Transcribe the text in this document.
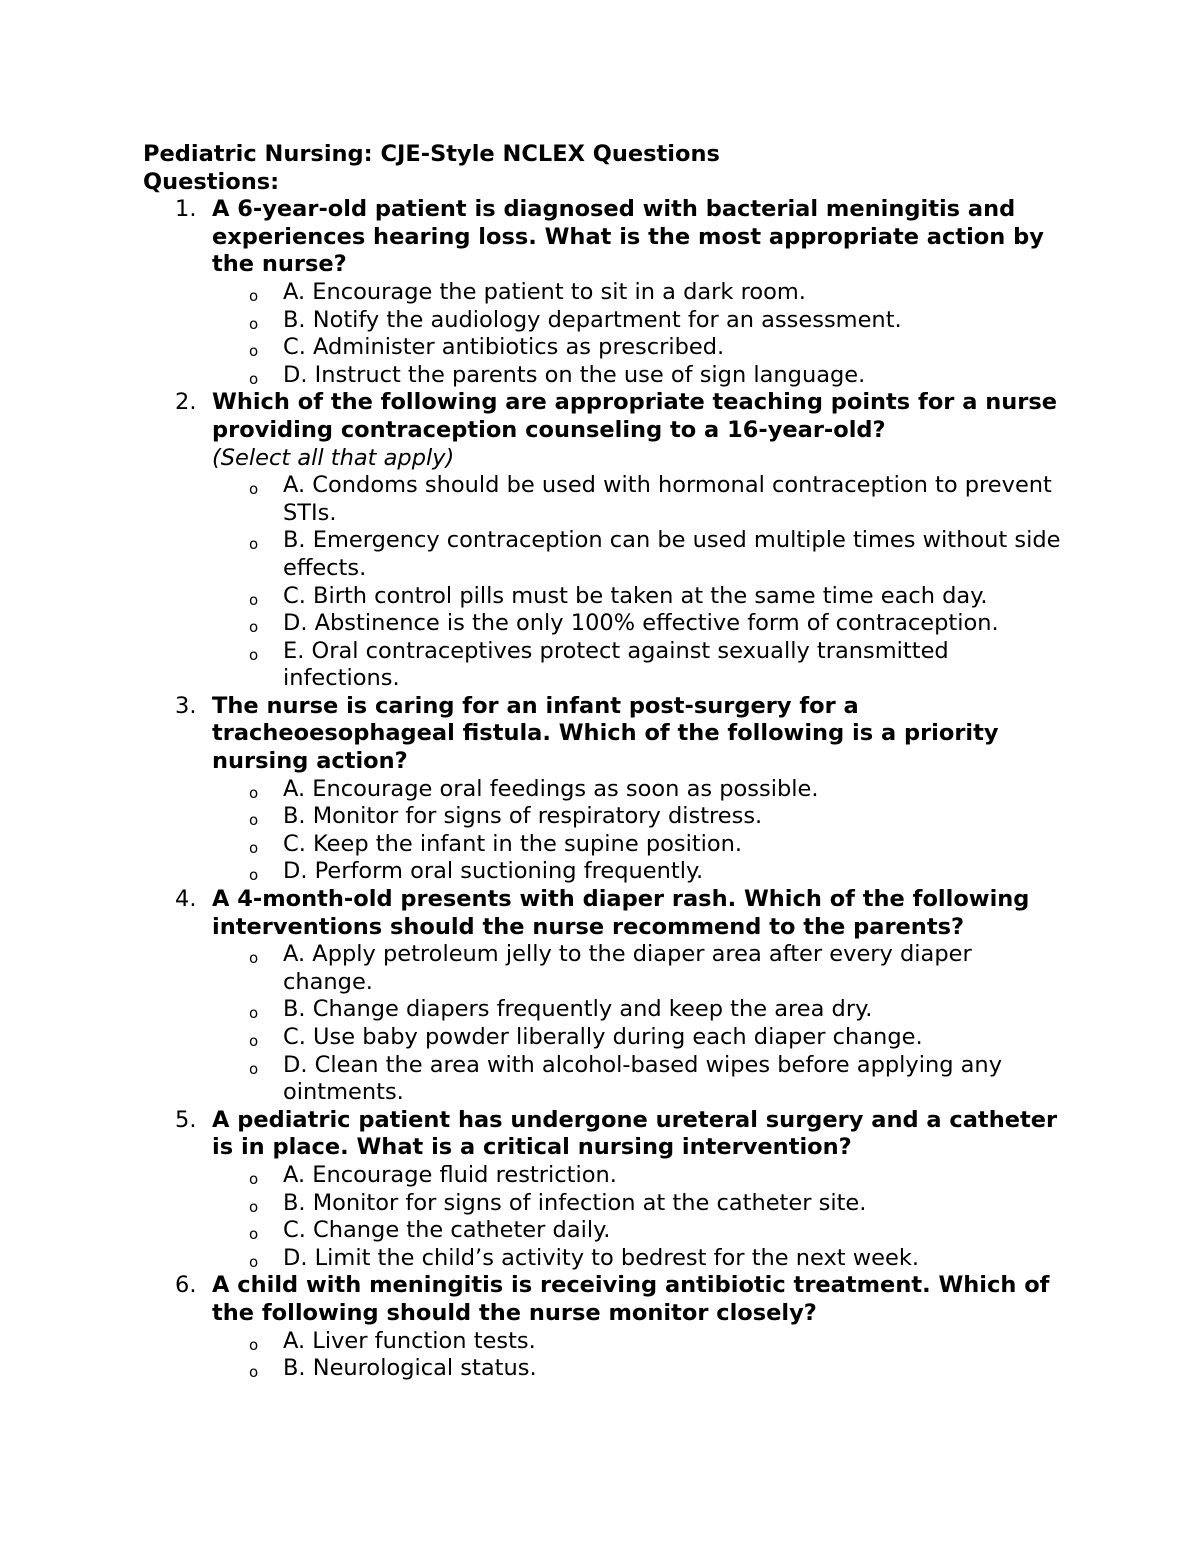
Pediatric Nursing: CJE-Style NCLEX Questions
Questions:
1. A 6-year-old patient is diagnosed with bacterial meningitis and experiences hearing loss. What is the most appropriate action by the nurse?
o A. Encourage the patient to sit in a dark room.
o B. Notify the audiology department for an assessment.
o C. Administer antibiotics as prescribed.
o D. Instruct the parents on the use of sign language.
2. Which of the following are appropriate teaching points for a nurse providing contraception counseling to a 16-year-old?
(Select all that apply)
o A. Condoms should be used with hormonal contraception to prevent STIs.
o B. Emergency contraception can be used multiple times without side effects.
o C. Birth control pills must be taken at the same time each day.
o D. Abstinence is the only 100% effective form of contraception.
o E. Oral contraceptives protect against sexually transmitted infections.
3. The nurse is caring for an infant post-surgery for a tracheoesophageal fistula. Which of the following is a priority nursing action?
o A. Encourage oral feedings as soon as possible.
o B. Monitor for signs of respiratory distress.
o C. Keep the infant in the supine position.
o D. Perform oral suctioning frequently.
4. A 4-month-old presents with diaper rash. Which of the following interventions should the nurse recommend to the parents?
o A. Apply petroleum jelly to the diaper area after every diaper change.
o B. Change diapers frequently and keep the area dry.
o C. Use baby powder liberally during each diaper change.
o D. Clean the area with alcohol-based wipes before applying any ointments.
5. A pediatric patient has undergone ureteral surgery and a catheter is in place. What is a critical nursing intervention?
o A. Encourage fluid restriction.
o B. Monitor for signs of infection at the catheter site.
o C. Change the catheter daily.
o D. Limit the child’s activity to bedrest for the next week.
6. A child with meningitis is receiving antibiotic treatment. Which of the following should the nurse monitor closely?
o A. Liver function tests.
o B. Neurological status.
